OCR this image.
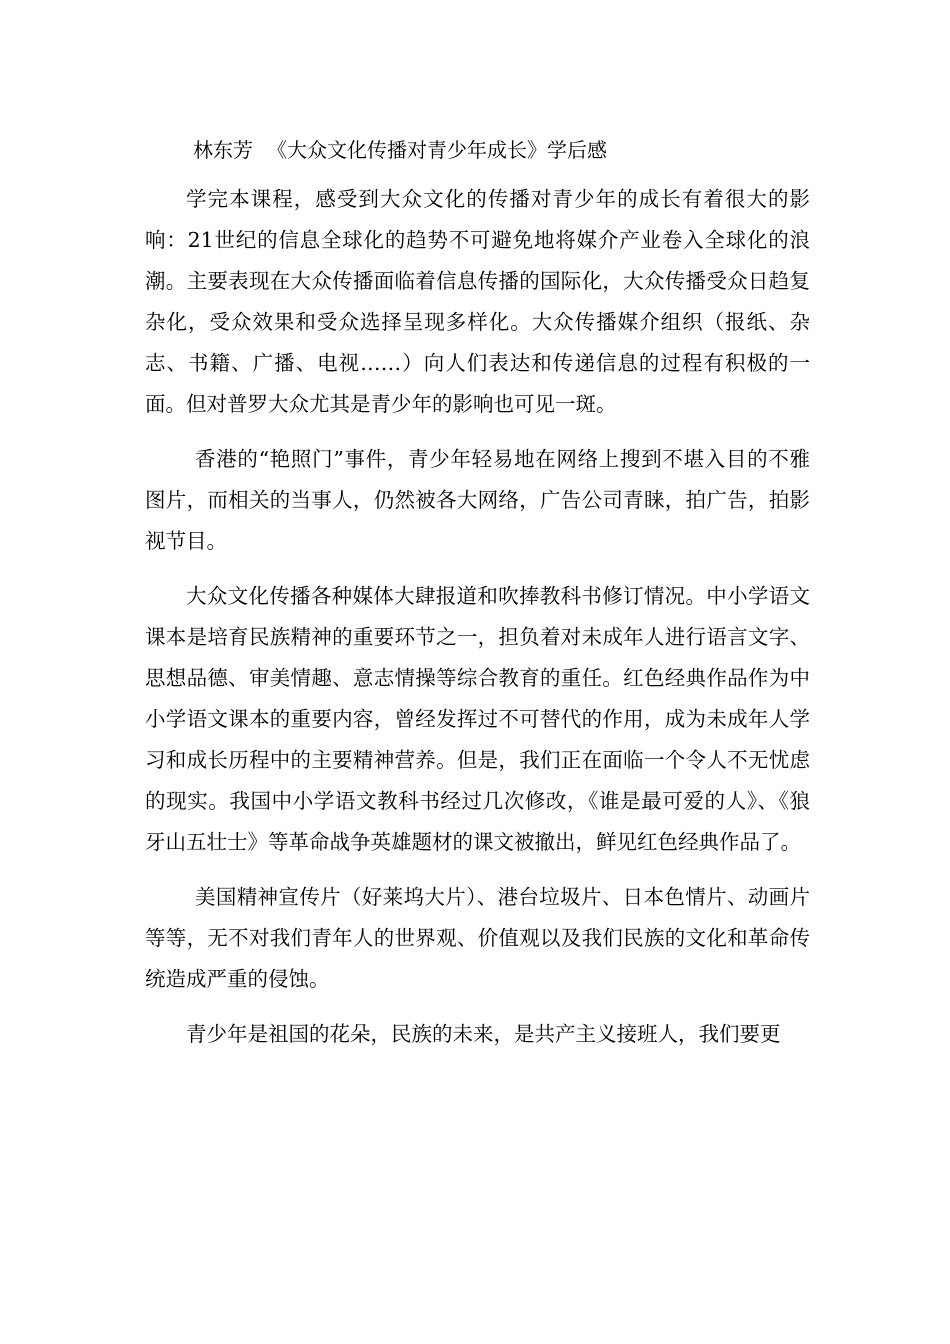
林东芳 《大众文化传播对青少年成长》学后感

学完本课程，感受到大众文化的传播对青少年的成长有着很大的影响：21世纪的信息全球化的趋势不可避免地将媒介产业卷入全球化的浪潮。主要表现在大众传播面临着信息传播的国际化，大众传播受众日趋复杂化，受众效果和受众选择呈现多样化。大众传播媒介组织（报纸、杂志、书籍、广播、电视……）向人们表达和传递信息的过程有积极的一面。但对普罗大众尤其是青少年的影响也可见一斑。

香港的“艳照门”事件，青少年轻易地在网络上搜到不堪入目的不雅图片，而相关的当事人，仍然被各大网络，广告公司青睐，拍广告，拍影视节目。

大众文化传播各种媒体大肆报道和吹捧教科书修订情况。中小学语文课本是培育民族精神的重要环节之一，担负着对未成年人进行语言文字、思想品德、审美情趣、意志情操等综合教育的重任。红色经典作品作为中小学语文课本的重要内容，曾经发挥过不可替代的作用，成为未成年人学习和成长历程中的主要精神营养。但是，我们正在面临一个令人不无忧虑的现实。我国中小学语文教科书经过几次修改，《谁是最可爱的人》、《狼牙山五壮士》等革命战争英雄题材的课文被撤出，鲜见红色经典作品了。

美国精神宣传片（好莱坞大片）、港台垃圾片、日本色情片、动画片等等，无不对我们青年人的世界观、价值观以及我们民族的文化和革命传统造成严重的侵蚀。

青少年是祖国的花朵，民族的未来，是共产主义接班人，我们要更
